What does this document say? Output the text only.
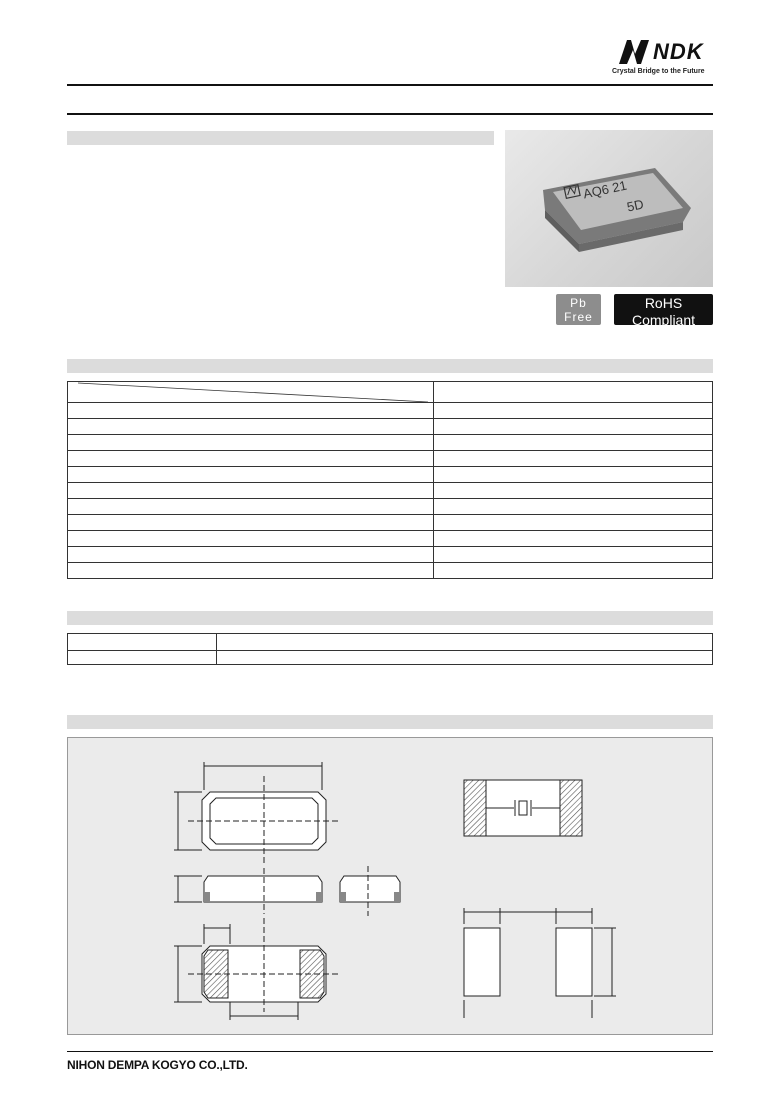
NDK
Crystal Bridge to the Future
AQ6 21
5D
Pb
Free
RoHS Compliant
Directive 2011/65/EU

NIHON DEMPA KOGYO CO.,LTD.
